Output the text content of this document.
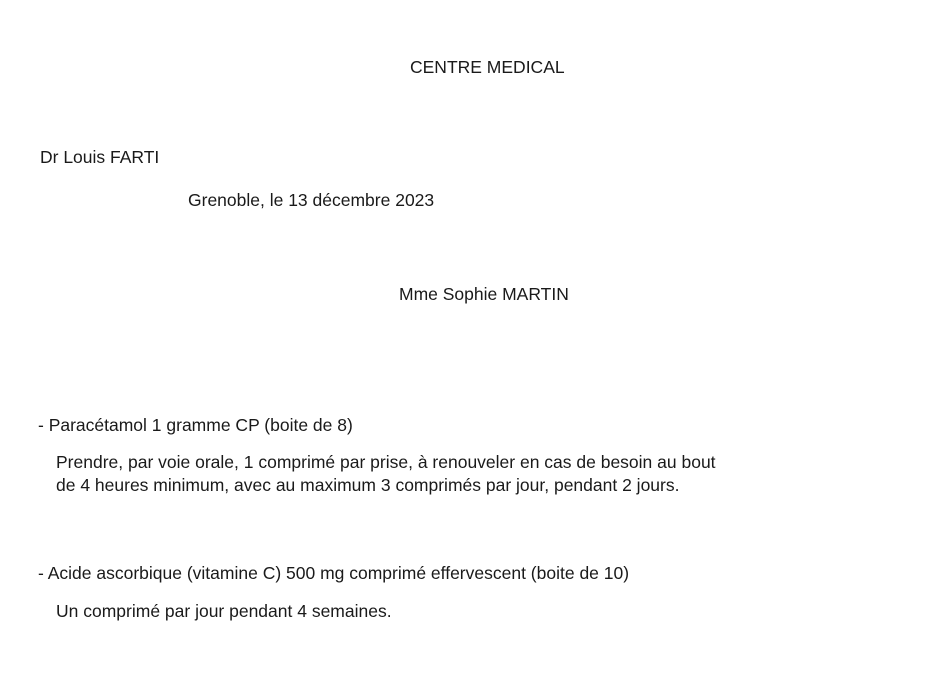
CENTRE MEDICAL
Dr Louis FARTI
Grenoble, le 13 décembre 2023
Mme Sophie MARTIN
- Paracétamol 1 gramme CP (boite de 8)
Prendre, par voie orale, 1 comprimé par prise, à renouveler en cas de besoin au bout
de 4 heures minimum, avec au maximum 3 comprimés par jour, pendant 2 jours.
- Acide ascorbique (vitamine C) 500 mg comprimé effervescent (boite de 10)
Un comprimé par jour pendant 4 semaines.
